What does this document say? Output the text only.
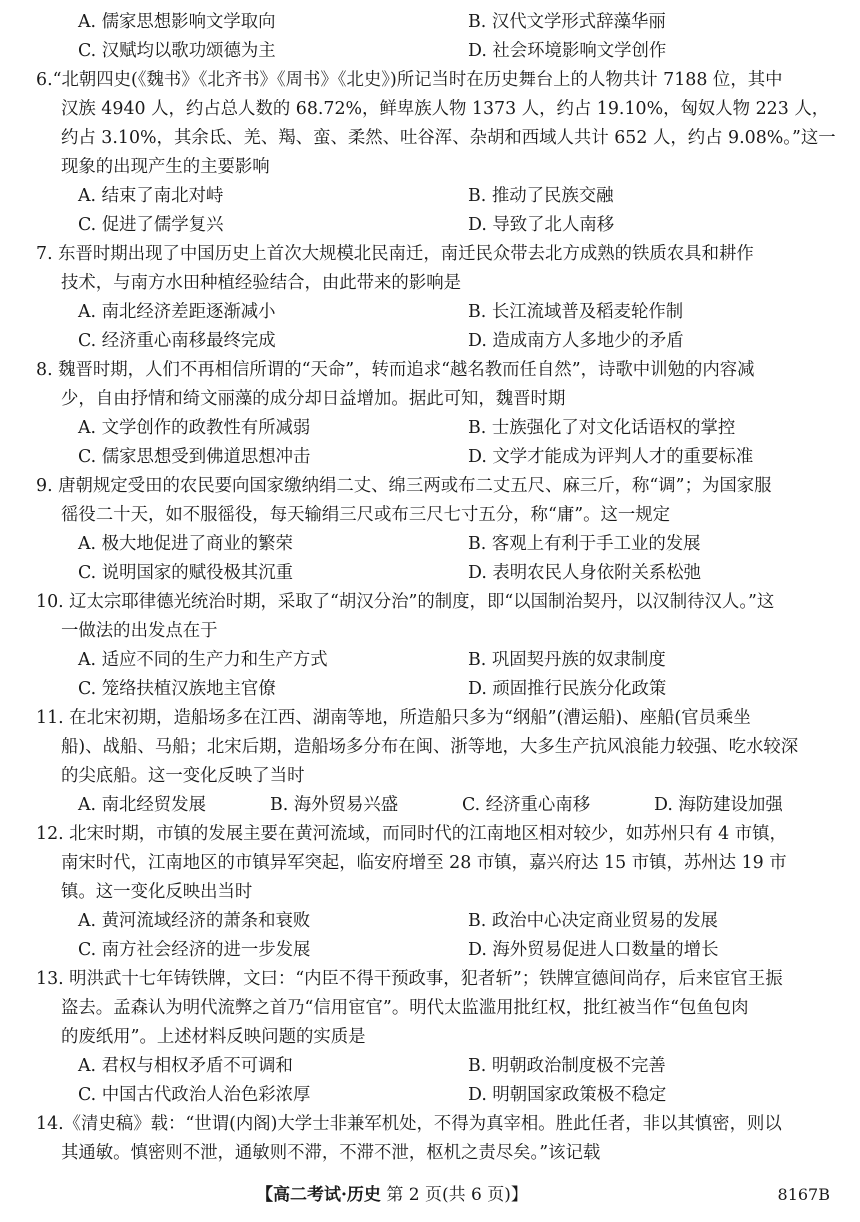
A. 儒家思想影响文学取向	B. 汉代文学形式辞藻华丽
C. 汉赋均以歌功颂德为主	D. 社会环境影响文学创作
6.“北朝四史(《魏书》《北齐书》《周书》《北史》)所记当时在历史舞台上的人物共计 7188 位，其中
汉族 4940 人，约占总人数的 68.72%，鲜卑族人物 1373 人，约占 19.10%，匈奴人物 223 人，
约占 3.10%，其余氐、羌、羯、蛮、柔然、吐谷浑、杂胡和西域人共计 652 人，约占 9.08%。”这一
现象的出现产生的主要影响
A. 结束了南北对峙	B. 推动了民族交融
C. 促进了儒学复兴	D. 导致了北人南移
7. 东晋时期出现了中国历史上首次大规模北民南迁，南迁民众带去北方成熟的铁质农具和耕作
技术，与南方水田种植经验结合，由此带来的影响是
A. 南北经济差距逐渐减小	B. 长江流域普及稻麦轮作制
C. 经济重心南移最终完成	D. 造成南方人多地少的矛盾
8. 魏晋时期，人们不再相信所谓的“天命”，转而追求“越名教而任自然”，诗歌中训勉的内容减
少，自由抒情和绮文丽藻的成分却日益增加。据此可知，魏晋时期
A. 文学创作的政教性有所减弱	B. 士族强化了对文化话语权的掌控
C. 儒家思想受到佛道思想冲击	D. 文学才能成为评判人才的重要标准
9. 唐朝规定受田的农民要向国家缴纳绢二丈、绵三两或布二丈五尺、麻三斤，称“调”；为国家服
徭役二十天，如不服徭役，每天输绢三尺或布三尺七寸五分，称“庸”。这一规定
A. 极大地促进了商业的繁荣	B. 客观上有利于手工业的发展
C. 说明国家的赋役极其沉重	D. 表明农民人身依附关系松弛
10. 辽太宗耶律德光统治时期，采取了“胡汉分治”的制度，即“以国制治契丹，以汉制待汉人。”这
一做法的出发点在于
A. 适应不同的生产力和生产方式	B. 巩固契丹族的奴隶制度
C. 笼络扶植汉族地主官僚	D. 顽固推行民族分化政策
11. 在北宋初期，造船场多在江西、湖南等地，所造船只多为“纲船”(漕运船)、座船(官员乘坐
船)、战船、马船；北宋后期，造船场多分布在闽、浙等地，大多生产抗风浪能力较强、吃水较深
的尖底船。这一变化反映了当时
A. 南北经贸发展	B. 海外贸易兴盛	C. 经济重心南移	D. 海防建设加强
12. 北宋时期，市镇的发展主要在黄河流域，而同时代的江南地区相对较少，如苏州只有 4 市镇，
南宋时代，江南地区的市镇异军突起，临安府增至 28 市镇，嘉兴府达 15 市镇，苏州达 19 市
镇。这一变化反映出当时
A. 黄河流域经济的萧条和衰败	B. 政治中心决定商业贸易的发展
C. 南方社会经济的进一步发展	D. 海外贸易促进人口数量的增长
13. 明洪武十七年铸铁牌，文曰：“内臣不得干预政事，犯者斩”；铁牌宣德间尚存，后来宦官王振
盗去。孟森认为明代流弊之首乃“信用宦官”。明代太监滥用批红权，批红被当作“包鱼包肉
的废纸用”。上述材料反映问题的实质是
A. 君权与相权矛盾不可调和	B. 明朝政治制度极不完善
C. 中国古代政治人治色彩浓厚	D. 明朝国家政策极不稳定
14.《清史稿》载：“世谓(内阁)大学士非兼军机处，不得为真宰相。胜此任者，非以其慎密，则以
其通敏。慎密则不泄，通敏则不滞，不滞不泄，枢机之责尽矣。”该记载
【高二考试·历史 第 2 页(共 6 页)】	8167B
